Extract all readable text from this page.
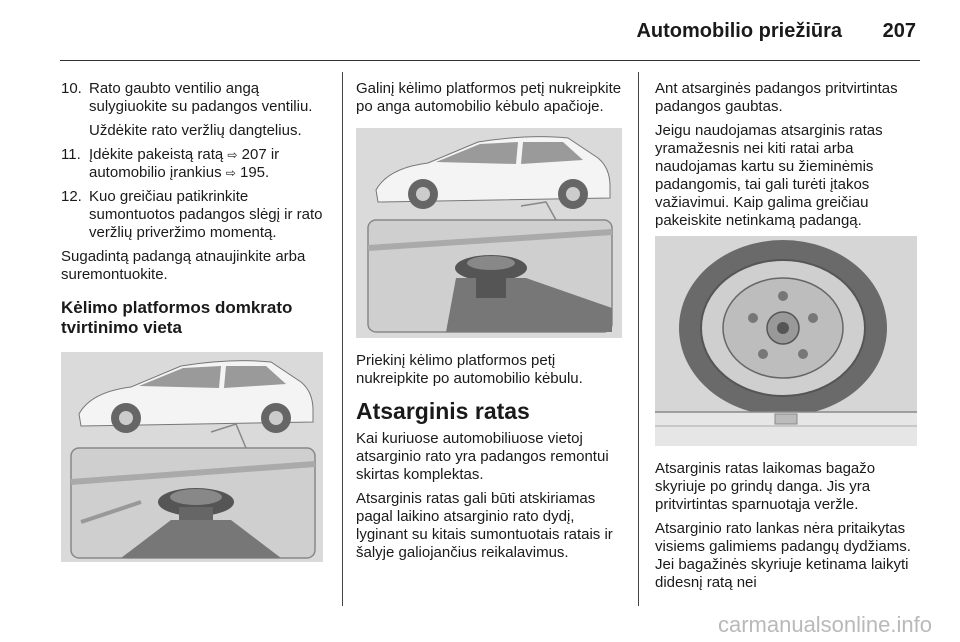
Automobilio priežiūra 207
10. Rato gaubto ventilio angą sulygiuokite su padangos ventiliu.
Uždėkite rato veržlių dangtelius.
11. Įdėkite pakeistą ratą ⇨ 207 ir automobilio įrankius ⇨ 195.
12. Kuo greičiau patikrinkite sumontuotos padangos slėgį ir rato veržlių priveržimo momentą.

Sugadintą padangą atnaujinkite arba suremontuokite.

Kėlimo platformos domkrato tvirtinimo vieta

Galinį kėlimo platformos petį nukreipkite po anga automobilio kėbulo apačioje.

Priekinį kėlimo platformos petį nukreipkite po automobilio kėbulu.

Atsarginis ratas

Kai kuriuose automobiliuose vietoj atsarginio rato yra padangos remontui skirtas komplektas.

Atsarginis ratas gali būti atskiriamas pagal laikino atsarginio rato dydį, lyginant su kitais sumontuotais ratais ir šalyje galiojančius reikalavimus.

Ant atsarginės padangos pritvirtintas padangos gaubtas.

Jeigu naudojamas atsarginis ratas yramažesnis nei kiti ratai arba naudojamas kartu su žieminėmis padangomis, tai gali turėti įtakos važiavimui. Kaip galima greičiau pakeiskite netinkamą padangą.

Atsarginis ratas laikomas bagažo skyriuje po grindų danga. Jis yra pritvirtintas sparnuotąja veržle.

Atsarginio rato lankas nėra pritaikytas visiems galimiems padangų dydžiams. Jei bagažinės skyriuje ketinama laikyti didesnį ratą nei

carmanualsonline.info
